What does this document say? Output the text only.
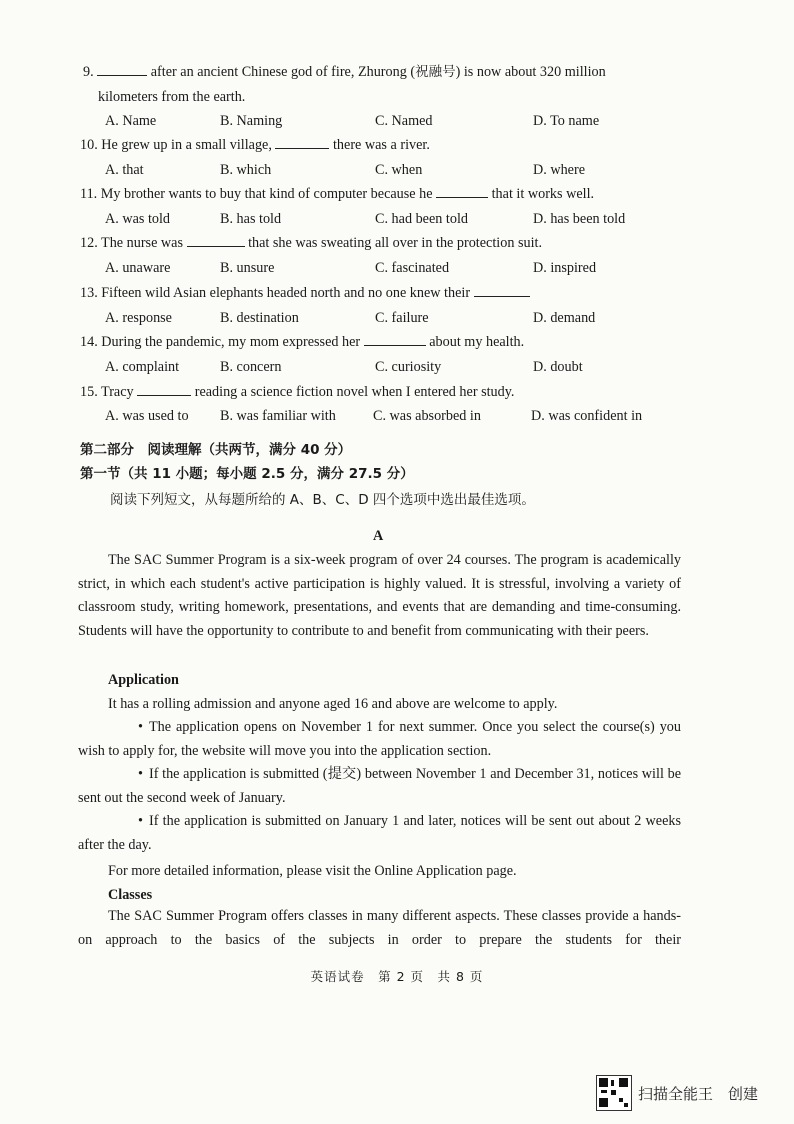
9.	after an ancient Chinese god of fire, Zhurong (祝融号) is now about 320 million
kilometers from the earth.
A. Name	B. Naming	C. Named	D. To name
10. He grew up in a small village,	there was a river.
A. that	B. which	C. when	D. where
11. My brother wants to buy that kind of computer because he	that it works well.
A. was told	B. has told	C. had been told	D. has been told
12. The nurse was	that she was sweating all over in the protection suit.
A. unaware	B. unsure	C. fascinated	D. inspired
13. Fifteen wild Asian elephants headed north and no one knew their
A. response	B. destination	C. failure	D. demand
14. During the pandemic, my mom expressed her	about my health.
A. complaint	B. concern	C. curiosity	D. doubt
15. Tracy	reading a science fiction novel when I entered her study.
A. was used to B. was familiar with	C. was absorbed in	D. was confident in
第二部分　阅读理解（共两节，满分 40 分）
第一节（共 11 小题；每小题 2.5 分，满分 27.5 分）
阅读下列短文，从每题所给的 A、B、C、D 四个选项中选出最佳选项。
A
The SAC Summer Program is a six-week program of over 24 courses. The program is academically strict, in which each student's active participation is highly valued. It is stressful, involving a variety of classroom study, writing homework, presentations, and events that are demanding and time-consuming. Students will have the opportunity to contribute to and benefit from communicating with their peers.
Application
It has a rolling admission and anyone aged 16 and above are welcome to apply.
• The application opens on November 1 for next summer. Once you select the course(s) you wish to apply for, the website will move you into the application section.
• If the application is submitted (提交) between November 1 and December 31, notices will be sent out the second week of January.
• If the application is submitted on January 1 and later, notices will be sent out about 2 weeks after the day.
For more detailed information, please visit the Online Application page.
Classes
The SAC Summer Program offers classes in many different aspects. These classes provide a hands-on approach to the basics of the subjects in order to prepare the students for their
英语试卷　第 2 页　共 8 页
扫描全能王　创建
